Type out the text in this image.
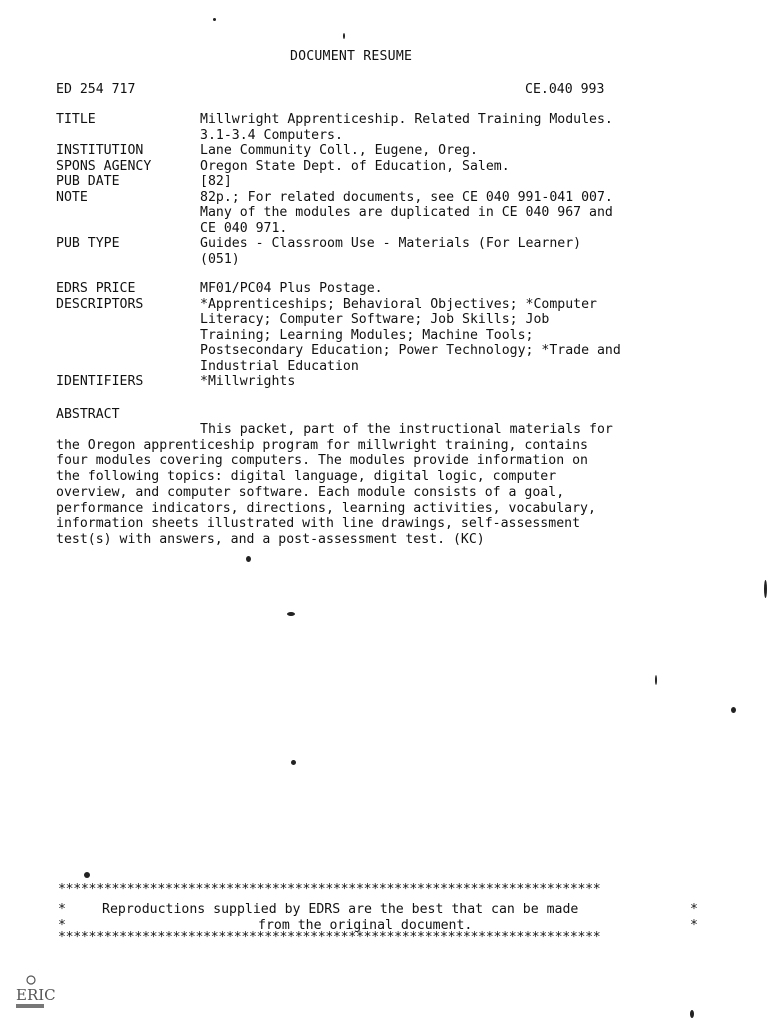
DOCUMENT RESUME
ED 254 717	CE.040 993
TITLE	Millwright Apprenticeship. Related Training Modules.
3.1-3.4 Computers.
INSTITUTION	Lane Community Coll., Eugene, Oreg.
SPONS AGENCY	Oregon State Dept. of Education, Salem.
PUB DATE	[82]
NOTE	82p.; For related documents, see CE 040 991-041 007.
Many of the modules are duplicated in CE 040 967 and
CE 040 971.
PUB TYPE	Guides - Classroom Use - Materials (For Learner)
(051)
EDRS PRICE	MF01/PC04 Plus Postage.
DESCRIPTORS	*Apprenticeships; Behavioral Objectives; *Computer
Literacy; Computer Software; Job Skills; Job
Training; Learning Modules; Machine Tools;
Postsecondary Education; Power Technology; *Trade and
Industrial Education
IDENTIFIERS	*Millwrights
ABSTRACT
This packet, part of the instructional materials for
the Oregon apprenticeship program for millwright training, contains
four modules covering computers. The modules provide information on
the following topics: digital language, digital logic, computer
overview, and computer software. Each module consists of a goal,
performance indicators, directions, learning activities, vocabulary,
information sheets illustrated with line drawings, self-assessment
test(s) with answers, and a post-assessment test. (KC)
***********************************************************************
*	*
Reproductions supplied by EDRS are the best that can be made
*	*
from the original document.
***********************************************************************
ERIC
